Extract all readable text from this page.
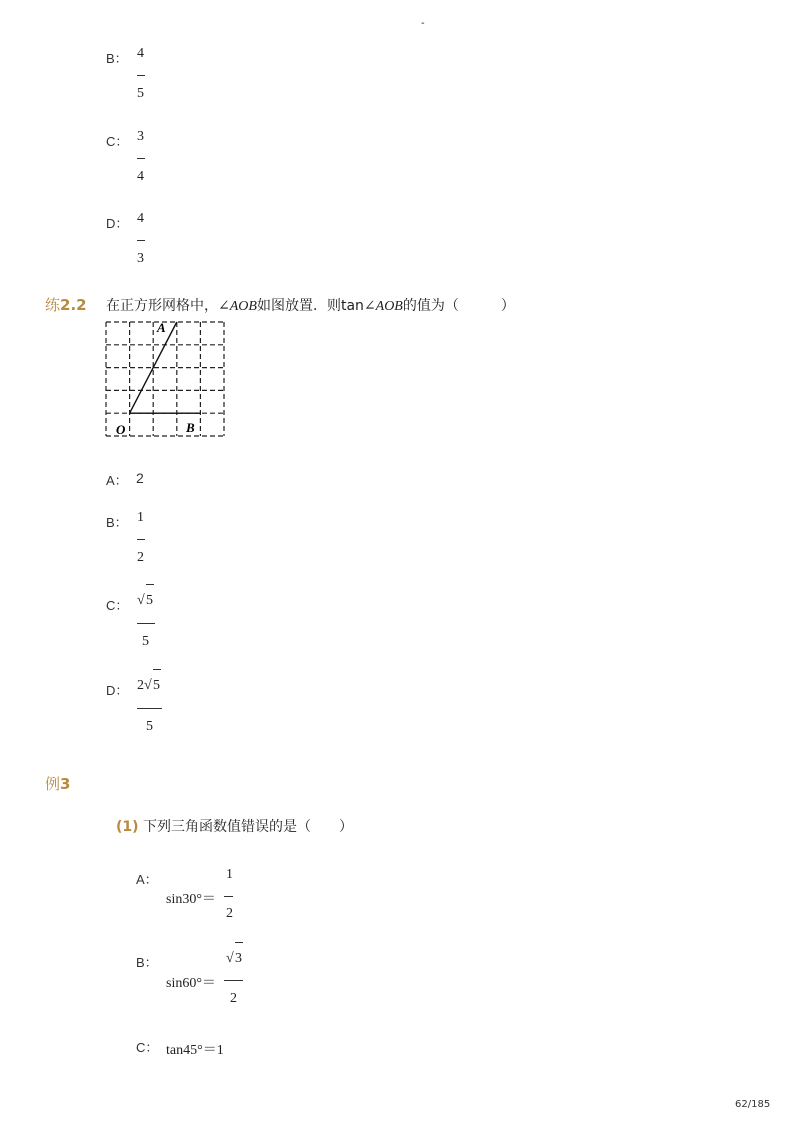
-
B： 4
5
C： 3
4
D： 4
3
练2.2 在正方形网格中，∠AOB如图放置．则tan∠AOB的值为（　　　）
A
O	B
A： 2
B： 1
2
C： √ 5
5
D： 2 √ 5
5
例3
(1) 下列三角函数值错误的是（　　）
A：
sin30°＝
1
2
B：
sin60°＝
√ 3
2
C： tan45°＝1
62/185
